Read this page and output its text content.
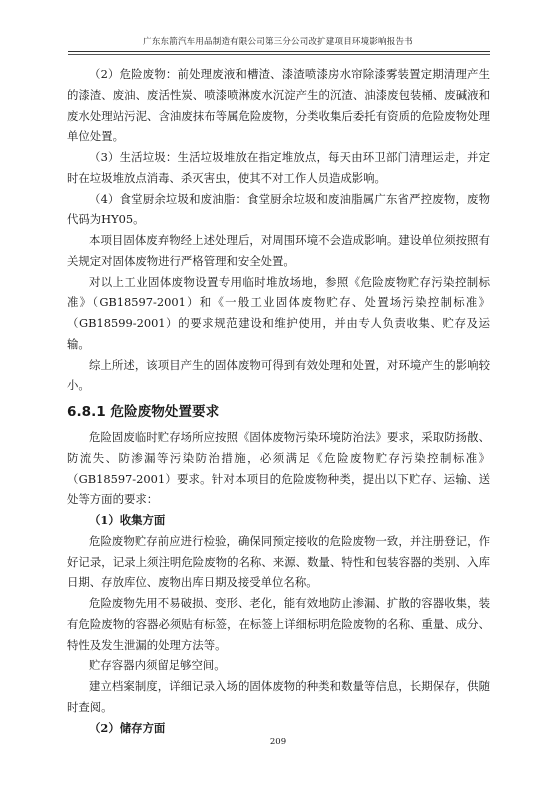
广东东箭汽车用品制造有限公司第三分公司改扩建项目环境影响报告书

（2）危险废物：前处理废液和槽渣、漆渣喷漆房水帘除漆雾装置定期清理产生的漆渣、废油、废活性炭、喷漆喷淋废水沉淀产生的沉渣、油漆废包装桶、废碱液和废水处理站污泥、含油废抹布等属危险废物，分类收集后委托有资质的危险废物处理单位处置。

（3）生活垃圾：生活垃圾堆放在指定堆放点，每天由环卫部门清理运走，并定时在垃圾堆放点消毒、杀灭害虫，使其不对工作人员造成影响。

（4）食堂厨余垃圾和废油脂：食堂厨余垃圾和废油脂属广东省严控废物，废物代码为HY05。

本项目固体废弃物经上述处理后，对周围环境不会造成影响。建设单位须按照有关规定对固体废物进行严格管理和安全处置。

对以上工业固体废物设置专用临时堆放场地，参照《危险废物贮存污染控制标准》（GB18597-2001）和《一般工业固体废物贮存、处置场污染控制标准》（GB18599-2001）的要求规范建设和维护使用，并由专人负责收集、贮存及运输。

综上所述，该项目产生的固体废物可得到有效处理和处置，对环境产生的影响较小。

6.8.1 危险废物处置要求

危险固废临时贮存场所应按照《固体废物污染环境防治法》要求，采取防扬散、防流失、防渗漏等污染防治措施，必须满足《危险废物贮存污染控制标准》（GB18597-2001）要求。针对本项目的危险废物种类，提出以下贮存、运输、送处等方面的要求：

（1）收集方面

危险废物贮存前应进行检验，确保同预定接收的危险废物一致，并注册登记，作好记录，记录上须注明危险废物的名称、来源、数量、特性和包装容器的类别、入库日期、存放库位、废物出库日期及接受单位名称。

危险废物先用不易破损、变形、老化，能有效地防止渗漏、扩散的容器收集，装有危险废物的容器必须贴有标签，在标签上详细标明危险废物的名称、重量、成分、特性及发生泄漏的处理方法等。

贮存容器内须留足够空间。

建立档案制度，详细记录入场的固体废物的种类和数量等信息，长期保存，供随时查阅。

（2）储存方面

209
